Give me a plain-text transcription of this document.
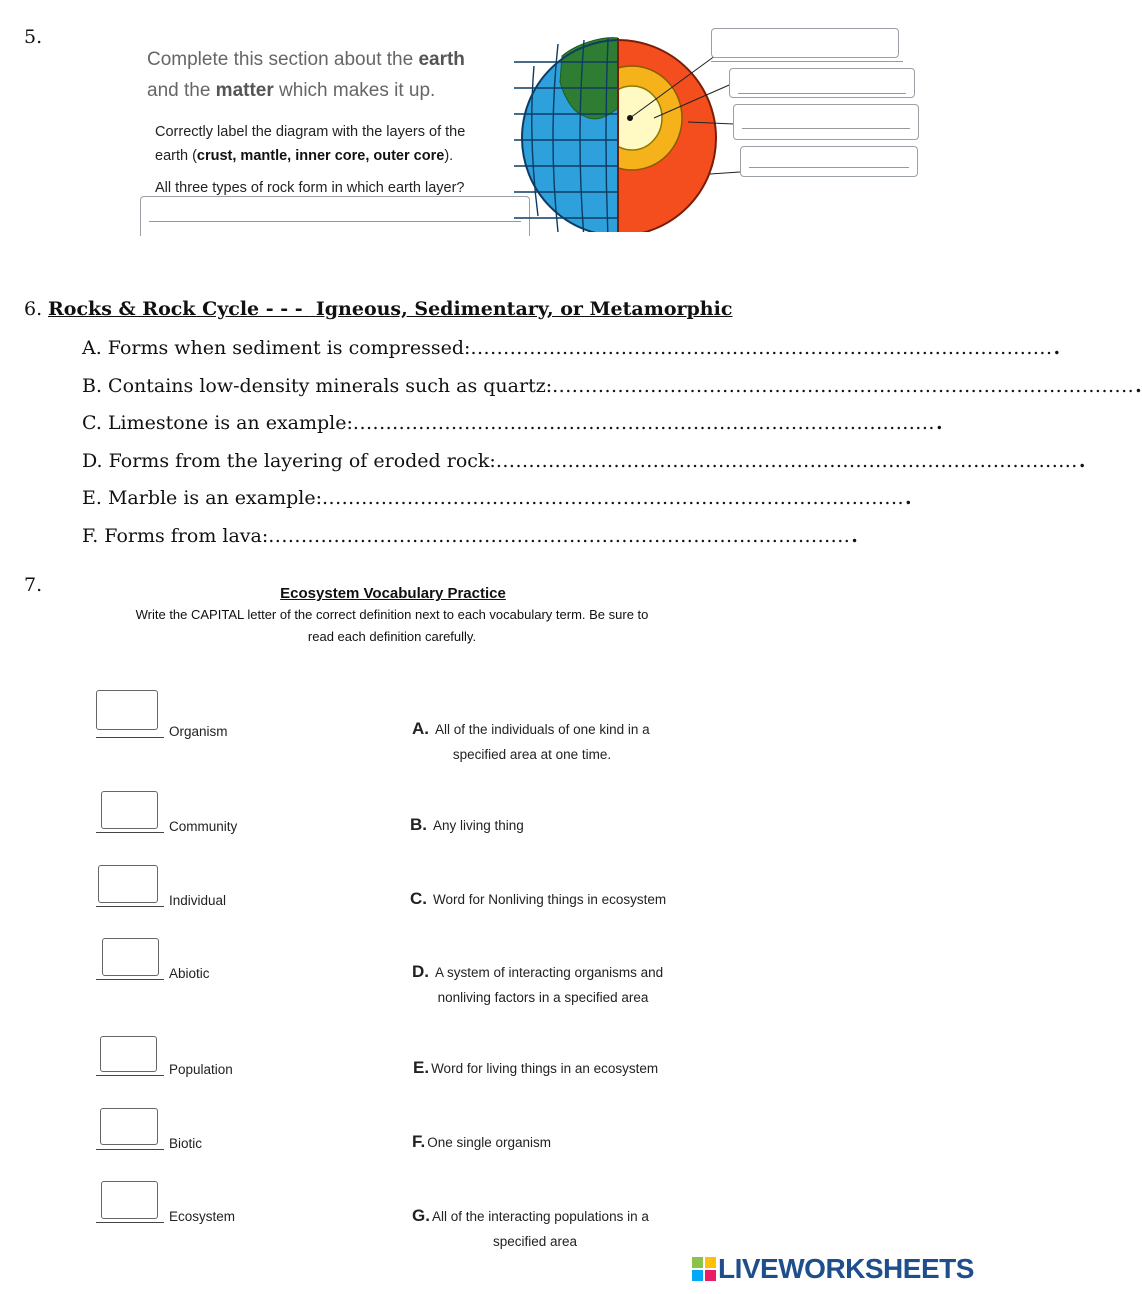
5.
Complete this section about the earth
and the matter which makes it up.
Correctly label the diagram with the layers of the
earth (crust, mantle, inner core, outer core).
All three types of rock form in which earth layer?
6. Rocks & Rock Cycle - - -  Igneous, Sedimentary, or Metamorphic
A. Forms when sediment is compressed: ......................................................................................... .
B. Contains low-density minerals such as quartz: ......................................................................................... .
C. Limestone is an example: ......................................................................................... .
D. Forms from the layering of eroded rock: ......................................................................................... .
E. Marble is an example: ......................................................................................... .
F. Forms from lava: ......................................................................................... .
7.	Ecosystem Vocabulary Practice
Write the CAPITAL letter of the correct definition next to each vocabulary term. Be sure to
read each definition carefully.
Organism
Community
Individual
Abiotic
Population
Biotic
Ecosystem
A. All of the individuals of one kind in a
specified area at one time.
B. Any living thing
C. Word for Nonliving things in ecosystem
D. A system of interacting organisms and
nonliving factors in a specified area
E. Word for living things in an ecosystem
F. One single organism
G. All of the interacting populations in a
specified area
LIVEWORKSHEETS
